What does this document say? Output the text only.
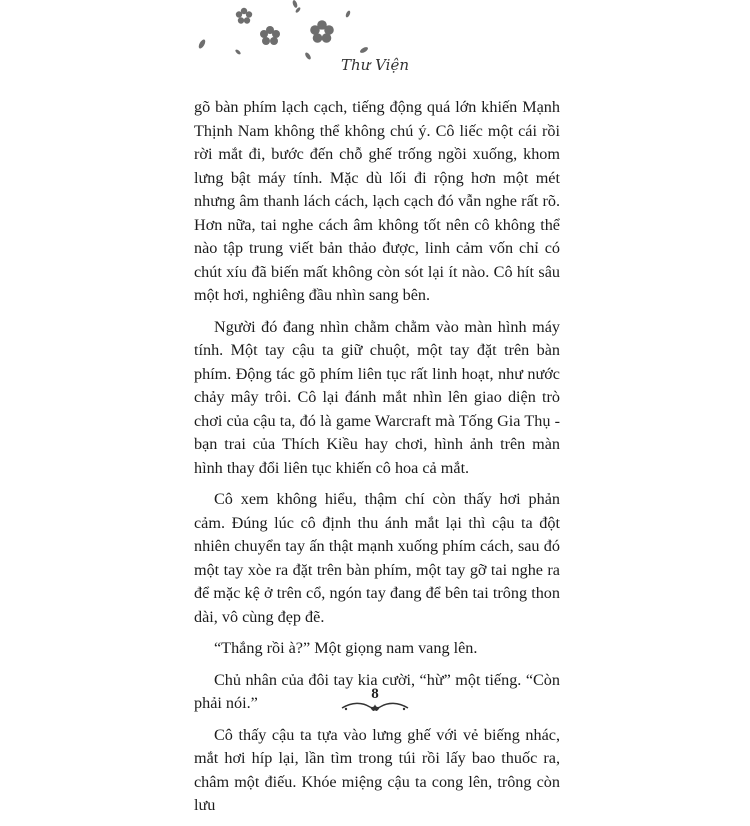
Thư Viện

gõ bàn phím lạch cạch, tiếng động quá lớn khiến Mạnh Thịnh Nam không thể không chú ý. Cô liếc một cái rồi rời mắt đi, bước đến chỗ ghế trống ngồi xuống, khom lưng bật máy tính. Mặc dù lối đi rộng hơn một mét nhưng âm thanh lách cách, lạch cạch đó vẫn nghe rất rõ. Hơn nữa, tai nghe cách âm không tốt nên cô không thể nào tập trung viết bản thảo được, linh cảm vốn chỉ có chút xíu đã biến mất không còn sót lại ít nào. Cô hít sâu một hơi, nghiêng đầu nhìn sang bên.

Người đó đang nhìn chằm chằm vào màn hình máy tính. Một tay cậu ta giữ chuột, một tay đặt trên bàn phím. Động tác gõ phím liên tục rất linh hoạt, như nước chảy mây trôi. Cô lại đánh mắt nhìn lên giao diện trò chơi của cậu ta, đó là game Warcraft mà Tống Gia Thụ - bạn trai của Thích Kiều hay chơi, hình ảnh trên màn hình thay đổi liên tục khiến cô hoa cả mắt.

Cô xem không hiểu, thậm chí còn thấy hơi phản cảm. Đúng lúc cô định thu ánh mắt lại thì cậu ta đột nhiên chuyển tay ấn thật mạnh xuống phím cách, sau đó một tay xòe ra đặt trên bàn phím, một tay gỡ tai nghe ra để mặc kệ ở trên cổ, ngón tay đang để bên tai trông thon dài, vô cùng đẹp đẽ.

“Thắng rồi à?” Một giọng nam vang lên.

Chủ nhân của đôi tay kia cười, “hừ” một tiếng. “Còn phải nói.”

Cô thấy cậu ta tựa vào lưng ghế với vẻ biếng nhác, mắt hơi híp lại, lần tìm trong túi rồi lấy bao thuốc ra, châm một điếu. Khóe miệng cậu ta cong lên, trông còn lưu

8
